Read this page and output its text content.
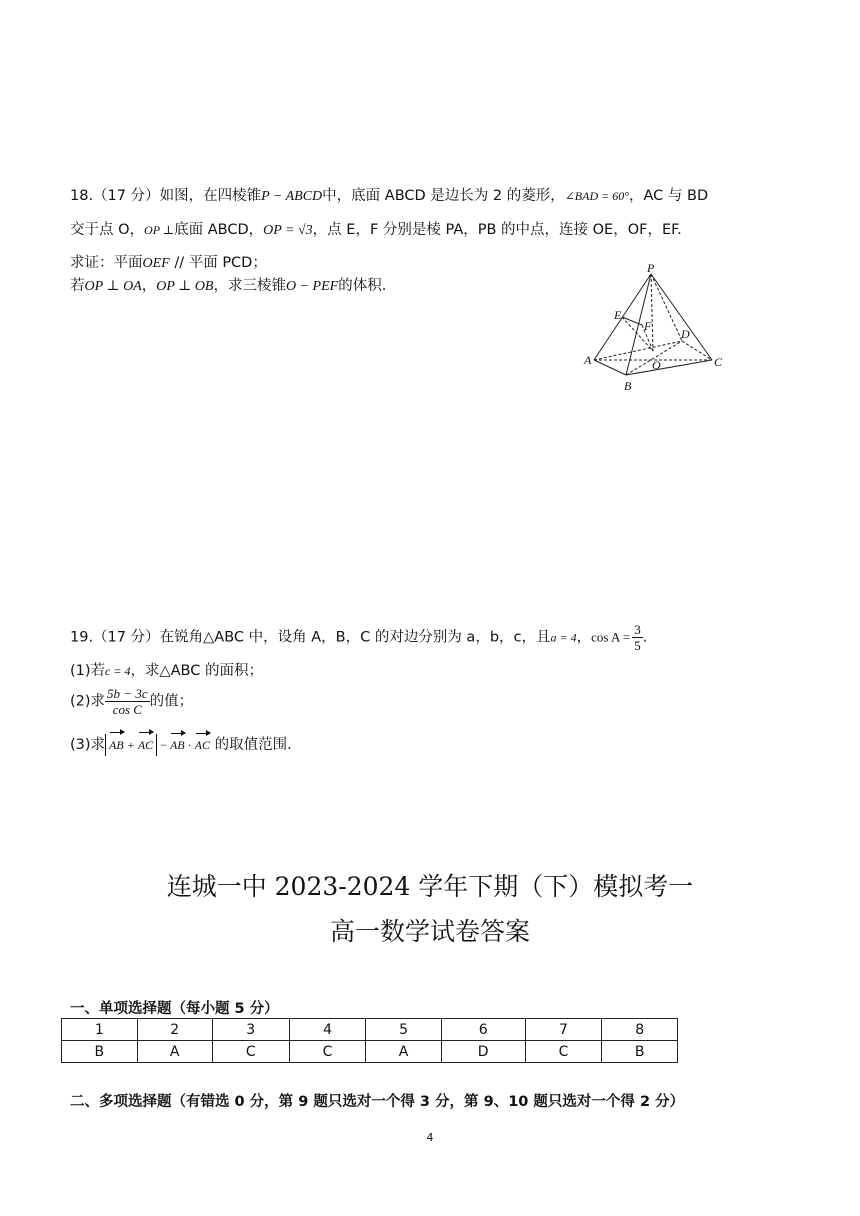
18.（17 分）如图，在四棱锥P − ABCD中，底面 ABCD 是边长为 2 的菱形，∠BAD = 60°，AC 与 BD
交于点 O，OP ⊥底面 ABCD，OP = √3，点 E，F 分别是棱 PA，PB 的中点，连接 OE，OF，EF.
求证：平面OEF // 平面 PCD；
若OP ⊥ OA，OP ⊥ OB，求三棱锥O − PEF的体积.
P
E
F
D
A	O	C
B
19.（17 分）在锐角△ABC 中，设角 A，B，C 的对边分别为 a，b，c，且a = 4，$\cos A = \frac{3}{5}$ .
(1)若c = 4，求△ABC 的面积；
(2)求 $\frac{5b - 3c}{\text{cos C}}$ 的值；
(3)求 AB + AC − AB · AC 的取值范围.
连城一中 2023-2024 学年下期（下）模拟考一
高一数学试卷答案
一、单项选择题（每小题 5 分）
1	2	3	4	5	6	7	8
B	A	C	C	A	D	C	B
二、多项选择题（有错选 0 分，第 9 题只选对一个得 3 分，第 9、10 题只选对一个得 2 分）
4
